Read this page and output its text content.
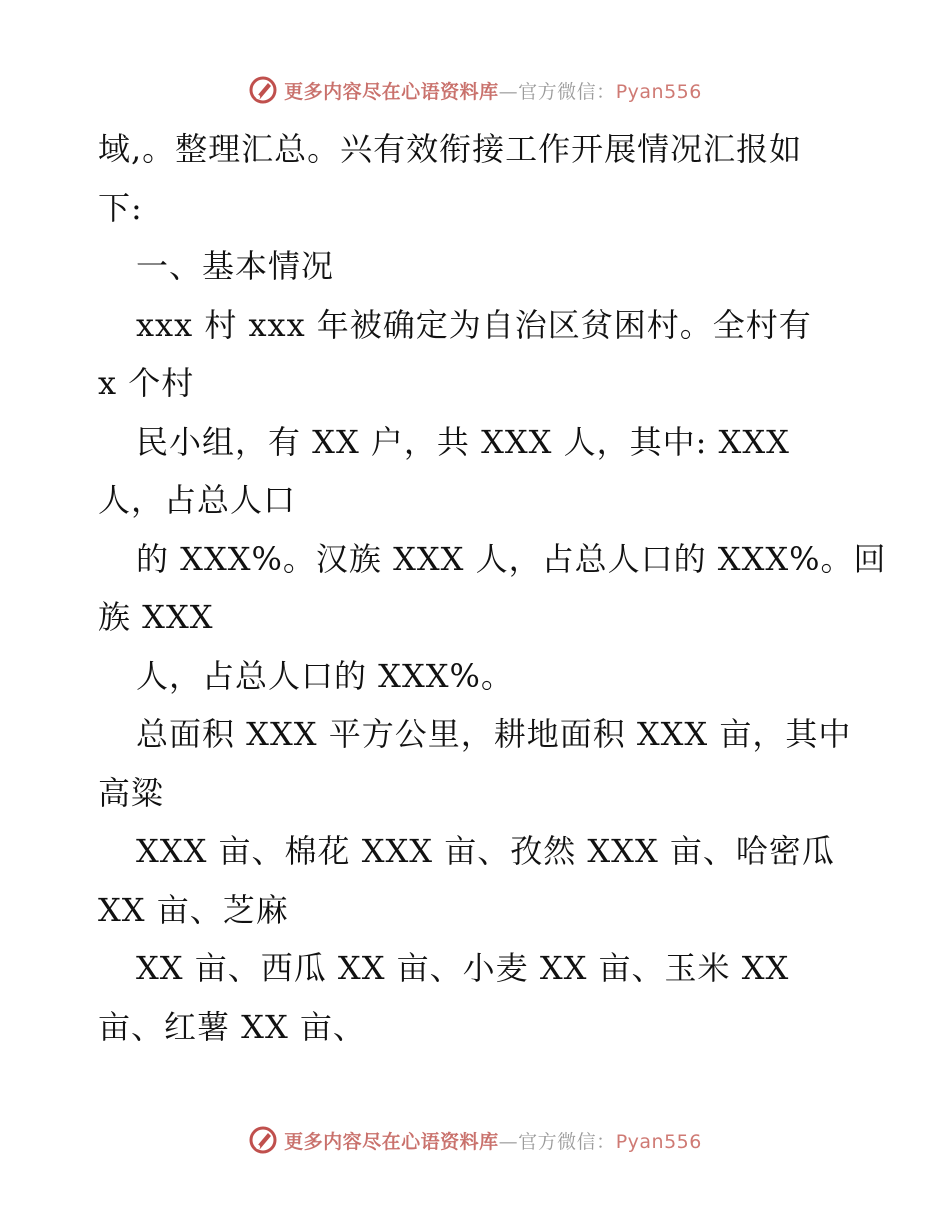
更多内容尽在心语资料库—官方微信：Pyan556
域,。整理汇总。兴有效衔接工作开展情况汇报如
下:
一、基本情况
xxx 村 xxx 年被确定为自治区贫困村。全村有
x 个村
民小组，有 XX 户，共 XXX 人，其中: XXX
人，占总人口
的 XXX%。汉族 XXX 人，占总人口的 XXX%。回
族 XXX
人，占总人口的 XXX%。
总面积 XXX 平方公里，耕地面积 XXX 亩，其中
高粱
XXX 亩、棉花 XXX 亩、孜然 XXX 亩、哈密瓜
XX 亩、芝麻
XX 亩、西瓜 XX 亩、小麦 XX 亩、玉米 XX
亩、红薯 XX 亩、
更多内容尽在心语资料库—官方微信：Pyan556
